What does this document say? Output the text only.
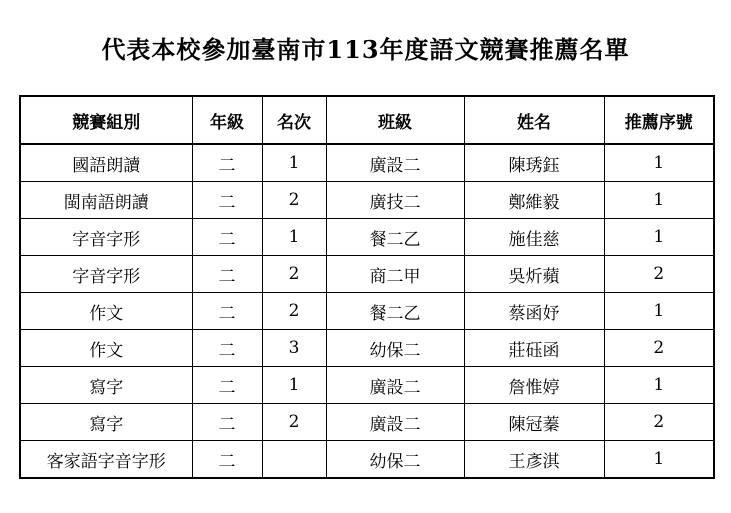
代表本校參加臺南市113年度語文競賽推薦名單
競賽組別	年級	名次	班級	姓名	推薦序號
國語朗讀	二	1	廣設二	陳琇鈺	1
閩南語朗讀	二	2	廣技二	鄭維毅	1
字音字形	二	1	餐二乙	施佳慈	1
字音字形	二	2	商二甲	吳炘蘋	2
作文	二	2	餐二乙	蔡函妤	1
作文	二	3	幼保二	莊砡函	2
寫字	二	1	廣設二	詹惟婷	1
寫字	二	2	廣設二	陳冠蓁	2
客家語字音字形	二		幼保二	王彥淇	1
